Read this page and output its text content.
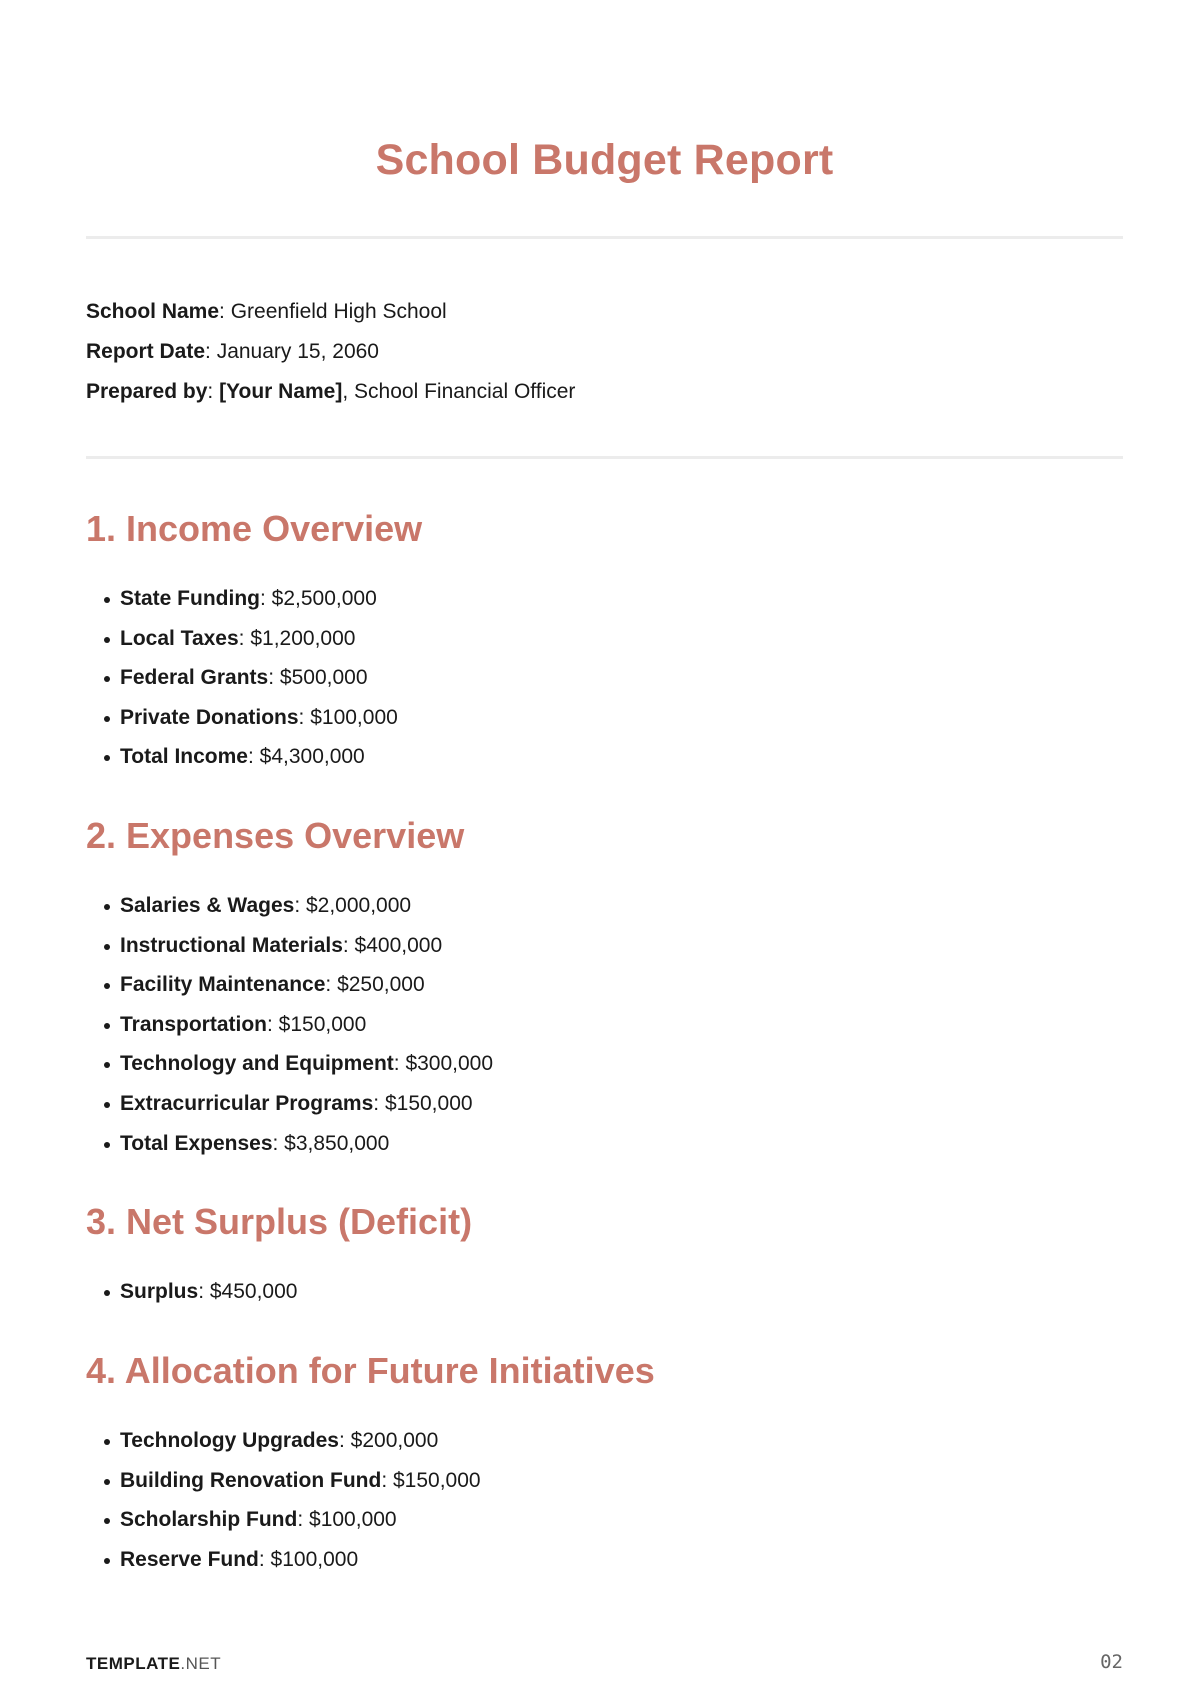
School Budget Report
School Name: Greenfield High School
Report Date: January 15, 2060
Prepared by: [Your Name], School Financial Officer
1. Income Overview
State Funding: $2,500,000
Local Taxes: $1,200,000
Federal Grants: $500,000
Private Donations: $100,000
Total Income: $4,300,000
2. Expenses Overview
Salaries & Wages: $2,000,000
Instructional Materials: $400,000
Facility Maintenance: $250,000
Transportation: $150,000
Technology and Equipment: $300,000
Extracurricular Programs: $150,000
Total Expenses: $3,850,000
3. Net Surplus (Deficit)
Surplus: $450,000
4. Allocation for Future Initiatives
Technology Upgrades: $200,000
Building Renovation Fund: $150,000
Scholarship Fund: $100,000
Reserve Fund: $100,000
TEMPLATE.NET	02
